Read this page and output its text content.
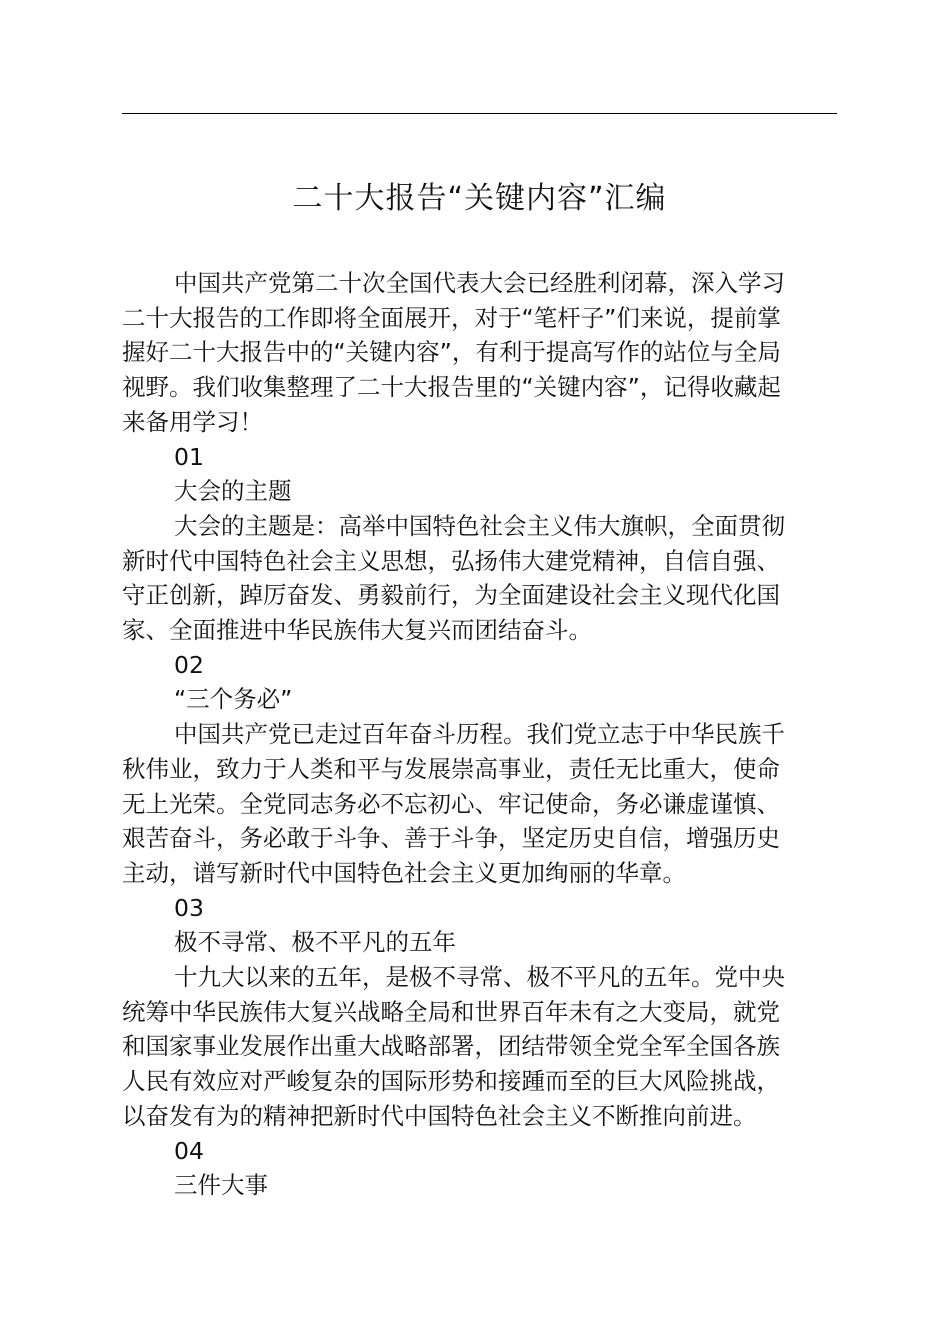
二十大报告“关键内容”汇编
中国共产党第二十次全国代表大会已经胜利闭幕，深入学习
二十大报告的工作即将全面展开，对于“笔杆子”们来说，提前掌
握好二十大报告中的“关键内容”，有利于提高写作的站位与全局
视野。我们收集整理了二十大报告里的“关键内容”，记得收藏起
来备用学习！
01
大会的主题
大会的主题是：高举中国特色社会主义伟大旗帜，全面贯彻
新时代中国特色社会主义思想，弘扬伟大建党精神，自信自强、
守正创新，踔厉奋发、勇毅前行，为全面建设社会主义现代化国
家、全面推进中华民族伟大复兴而团结奋斗。
02
“三个务必”
中国共产党已走过百年奋斗历程。我们党立志于中华民族千
秋伟业，致力于人类和平与发展崇高事业，责任无比重大，使命
无上光荣。全党同志务必不忘初心、牢记使命，务必谦虚谨慎、
艰苦奋斗，务必敢于斗争、善于斗争，坚定历史自信，增强历史
主动，谱写新时代中国特色社会主义更加绚丽的华章。
03
极不寻常、极不平凡的五年
十九大以来的五年，是极不寻常、极不平凡的五年。党中央
统筹中华民族伟大复兴战略全局和世界百年未有之大变局，就党
和国家事业发展作出重大战略部署，团结带领全党全军全国各族
人民有效应对严峻复杂的国际形势和接踵而至的巨大风险挑战，
以奋发有为的精神把新时代中国特色社会主义不断推向前进。
04
三件大事
